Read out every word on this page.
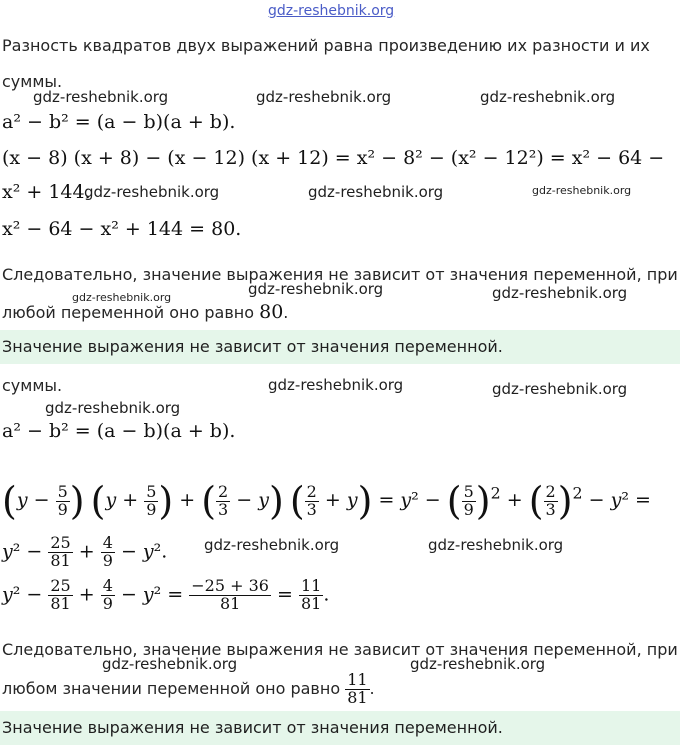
gdz-reshebnik.org
Разность квадратов двух выражений равна произведению их разности и их
суммы.
gdz-reshebnik.org	gdz-reshebnik.org	gdz-reshebnik.org
a² − b² = (a − b)(a + b).
(x − 8) (x + 8) − (x − 12) (x + 12) = x² − 8² − (x² − 12²) = x² − 64 −
x² + 144.
gdz-reshebnik.org	gdz-reshebnik.org	gdz-reshebnik.org
x² − 64 − x² + 144 = 80.
Следовательно, значение выражения не зависит от значения переменной, при
gdz-reshebnik.org	gdz-reshebnik.org
gdz-reshebnik.org
любой переменной оно равно 80.
Значение выражения не зависит от значения переменной.
суммы.	gdz-reshebnik.org	gdz-reshebnik.org
gdz-reshebnik.org
a² − b² = (a − b)(a + b).
($y - \frac{5}{9}$ ) ($y + \frac{5}{9}$ ) + ( $\frac{2}{3} - y$) ( $\frac{2}{3} + y) = y^2$ − ( $\frac{5}{9} )^2$ + ( $\frac{2}{3} )^2 - y^2$ =
$y^2 - \frac{25}{81} + \frac{4}{9} - y^2$. gdz-reshebnik.org	gdz-reshebnik.org
$y^2 - \frac{25}{81} + \frac{4}{9} - y^2 = \frac{-25 + 36}{81} = \frac{11}{81}$ .
Следовательно, значение выражения не зависит от значения переменной, при
gdz-reshebnik.org	gdz-reshebnik.org
любом значении переменной оно равно $\frac{11}{81}$ .
Значение выражения не зависит от значения переменной.
